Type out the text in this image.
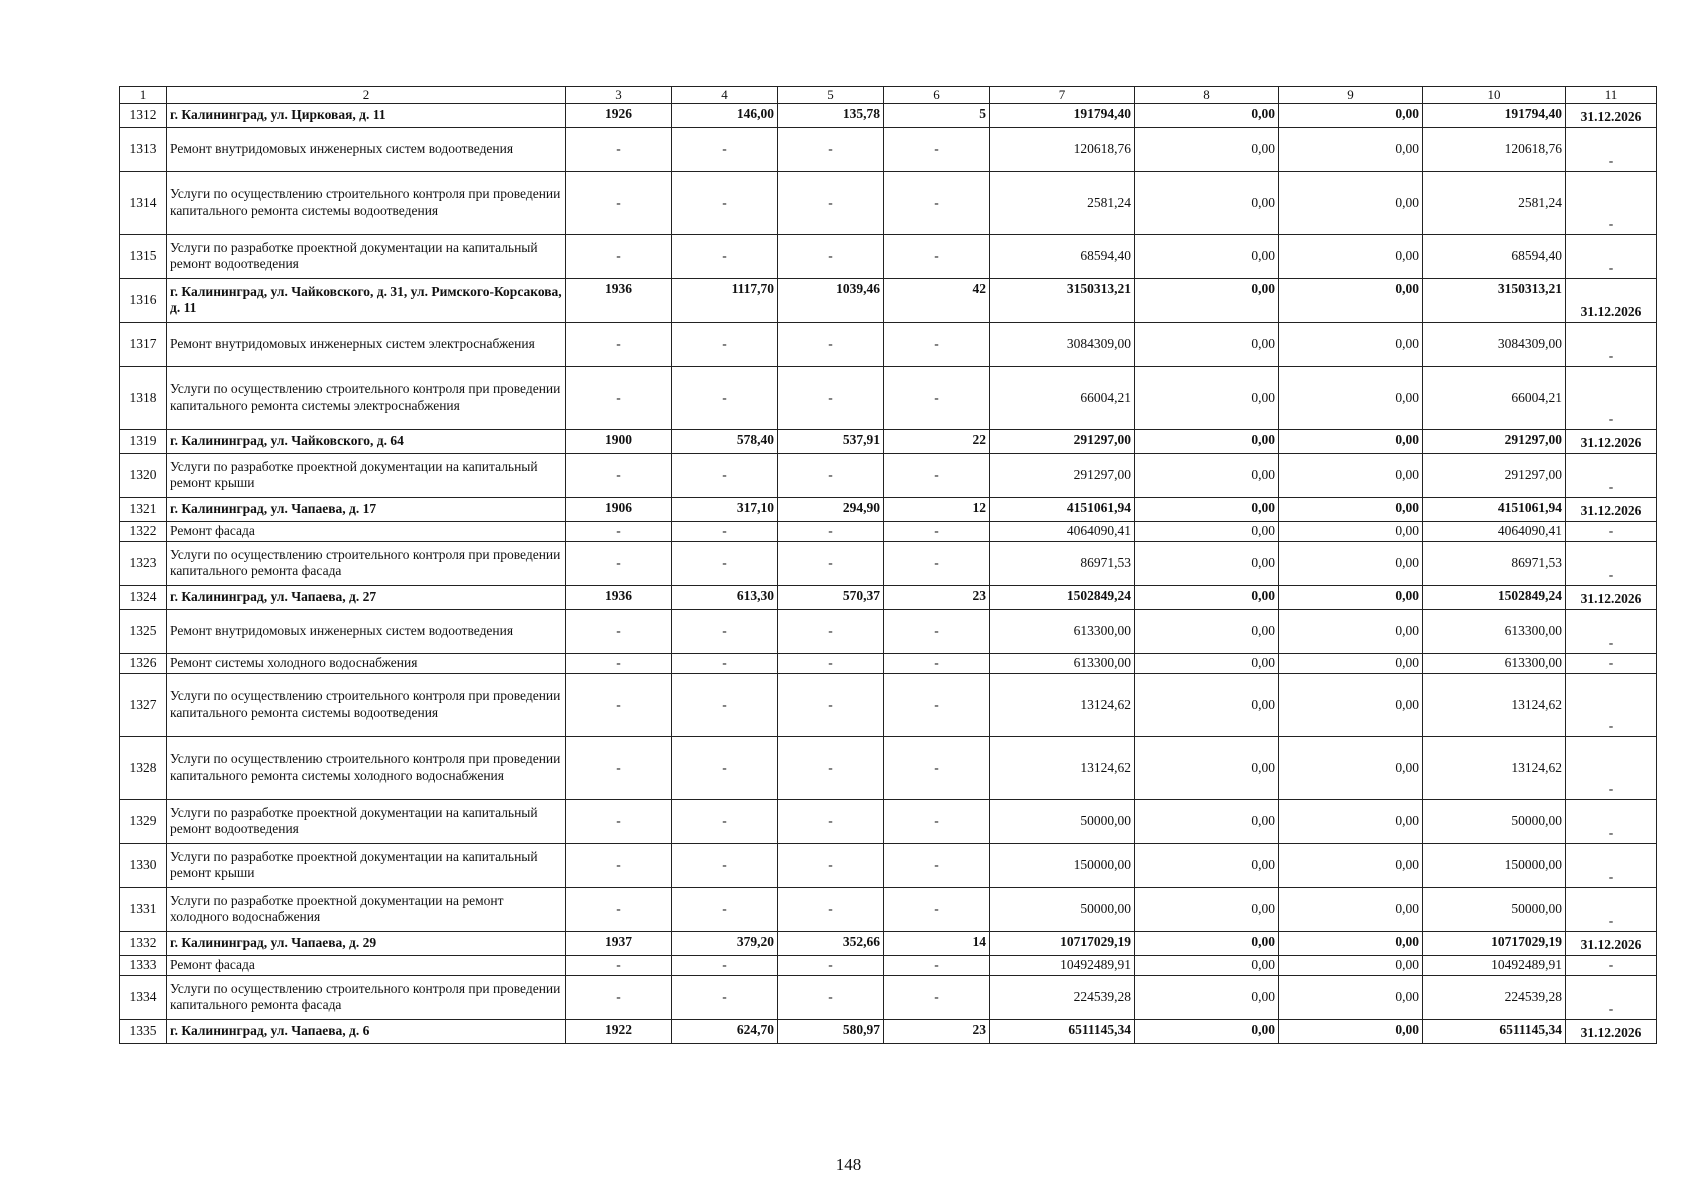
1	2	3	4	5	6	7	8	9	10	11
1312	г. Калининград, ул. Цирковая, д. 11	1926	146,00	135,78	5	191794,40	0,00	0,00	191794,40	31.12.2026
1313	Ремонт внутридомовых инженерных систем водоотведения	-	-	-	-	120618,76	0,00	0,00	120618,76	-
1314	Услуги по осуществлению строительного контроля при проведении капитального ремонта системы водоотведения	-	-	-	-	2581,24	0,00	0,00	2581,24	-
1315	Услуги по разработке проектной документации на капитальный ремонт водоотведения	-	-	-	-	68594,40	0,00	0,00	68594,40	-
1316	г. Калининград, ул. Чайковского, д. 31, ул. Римского-Корсакова, д. 11	1936	1117,70	1039,46	42	3150313,21	0,00	0,00	3150313,21	31.12.2026
1317	Ремонт внутридомовых инженерных систем электроснабжения	-	-	-	-	3084309,00	0,00	0,00	3084309,00	-
1318	Услуги по осуществлению строительного контроля при проведении капитального ремонта системы электроснабжения	-	-	-	-	66004,21	0,00	0,00	66004,21	-
1319	г. Калининград, ул. Чайковского, д. 64	1900	578,40	537,91	22	291297,00	0,00	0,00	291297,00	31.12.2026
1320	Услуги по разработке проектной документации на капитальный ремонт крыши	-	-	-	-	291297,00	0,00	0,00	291297,00	-
1321	г. Калининград, ул. Чапаева, д. 17	1906	317,10	294,90	12	4151061,94	0,00	0,00	4151061,94	31.12.2026
1322	Ремонт фасада	-	-	-	-	4064090,41	0,00	0,00	4064090,41	-
1323	Услуги по осуществлению строительного контроля при проведении капитального ремонта фасада	-	-	-	-	86971,53	0,00	0,00	86971,53	-
1324	г. Калининград, ул. Чапаева, д. 27	1936	613,30	570,37	23	1502849,24	0,00	0,00	1502849,24	31.12.2026
1325	Ремонт внутридомовых инженерных систем водоотведения	-	-	-	-	613300,00	0,00	0,00	613300,00	-
1326	Ремонт системы холодного водоснабжения	-	-	-	-	613300,00	0,00	0,00	613300,00	-
1327	Услуги по осуществлению строительного контроля при проведении капитального ремонта системы водоотведения	-	-	-	-	13124,62	0,00	0,00	13124,62	-
1328	Услуги по осуществлению строительного контроля при проведении капитального ремонта системы холодного водоснабжения	-	-	-	-	13124,62	0,00	0,00	13124,62	-
1329	Услуги по разработке проектной документации на капитальный ремонт водоотведения	-	-	-	-	50000,00	0,00	0,00	50000,00	-
1330	Услуги по разработке проектной документации на капитальный ремонт крыши	-	-	-	-	150000,00	0,00	0,00	150000,00	-
1331	Услуги по разработке проектной документации на ремонт холодного водоснабжения	-	-	-	-	50000,00	0,00	0,00	50000,00	-
1332	г. Калининград, ул. Чапаева, д. 29	1937	379,20	352,66	14	10717029,19	0,00	0,00	10717029,19	31.12.2026
1333	Ремонт фасада	-	-	-	-	10492489,91	0,00	0,00	10492489,91	-
1334	Услуги по осуществлению строительного контроля при проведении капитального ремонта фасада	-	-	-	-	224539,28	0,00	0,00	224539,28	-
1335	г. Калининград, ул. Чапаева, д. 6	1922	624,70	580,97	23	6511145,34	0,00	0,00	6511145,34	31.12.2026
148
